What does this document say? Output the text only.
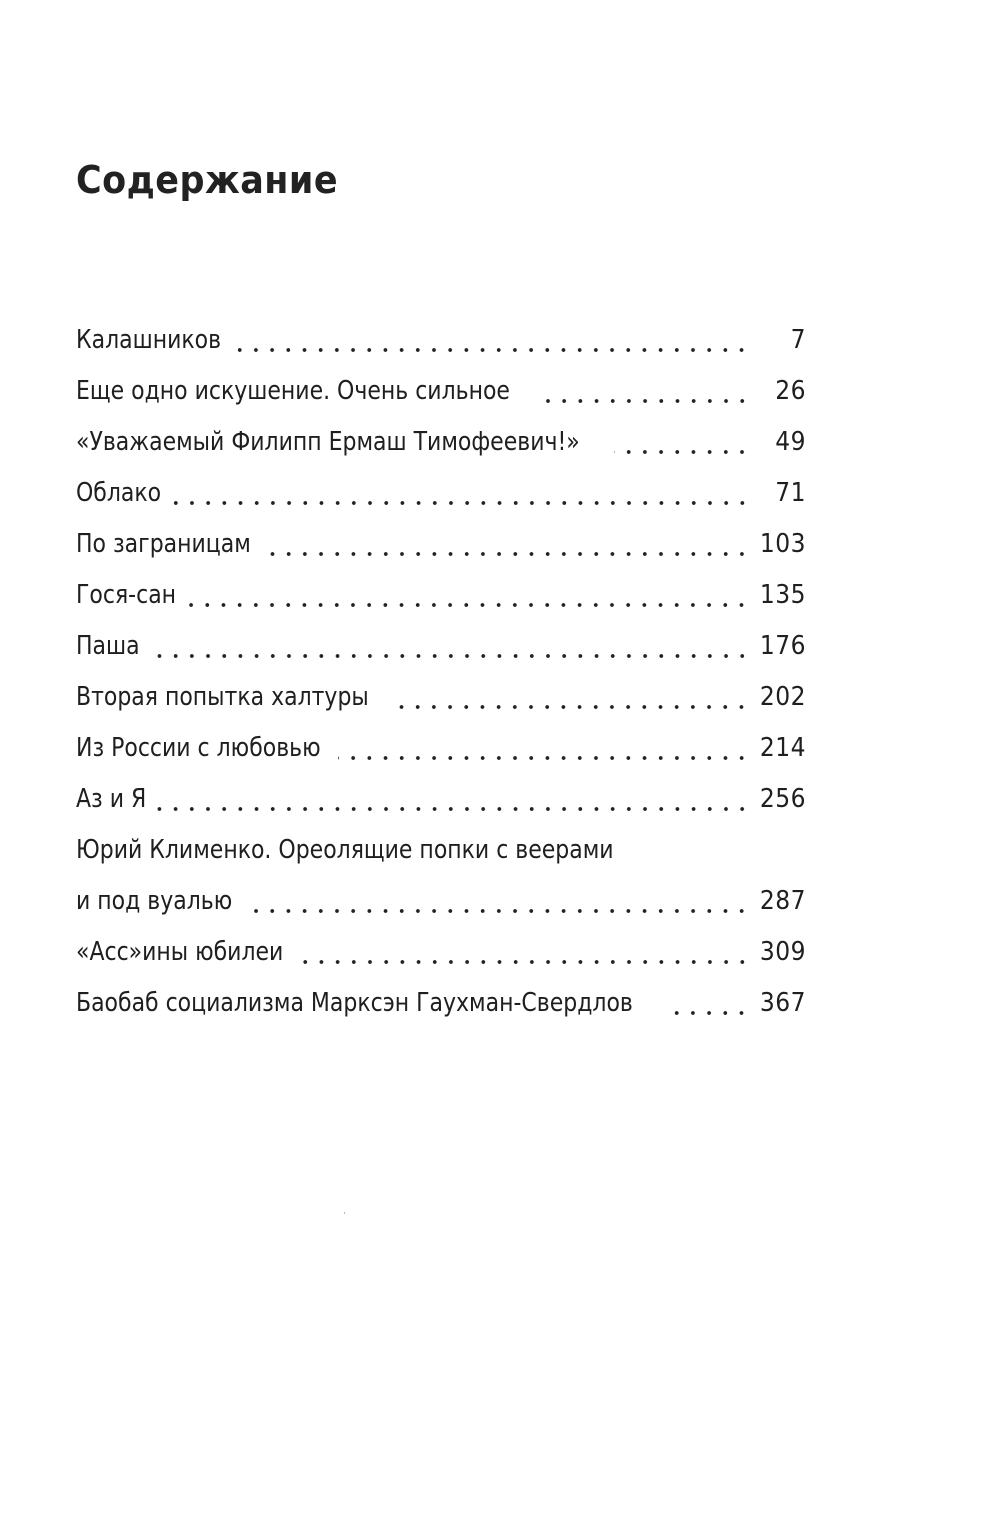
Содержание
Калашников	7
Еще одно искушение. Очень сильное	26
«Уважаемый Филипп Ермаш Тимофеевич!»	49
Облако	71
По заграницам	103
Гося-сан	135
Паша	176
Вторая попытка халтуры	202
Из России с любовью	214
Аз и Я	256
Юрий Клименко. Ореолящие попки с веерами
и под вуалью	287
«Асс»ины юбилеи	309
Баобаб социализма Марксэн Гаухман-Свердлов	367
